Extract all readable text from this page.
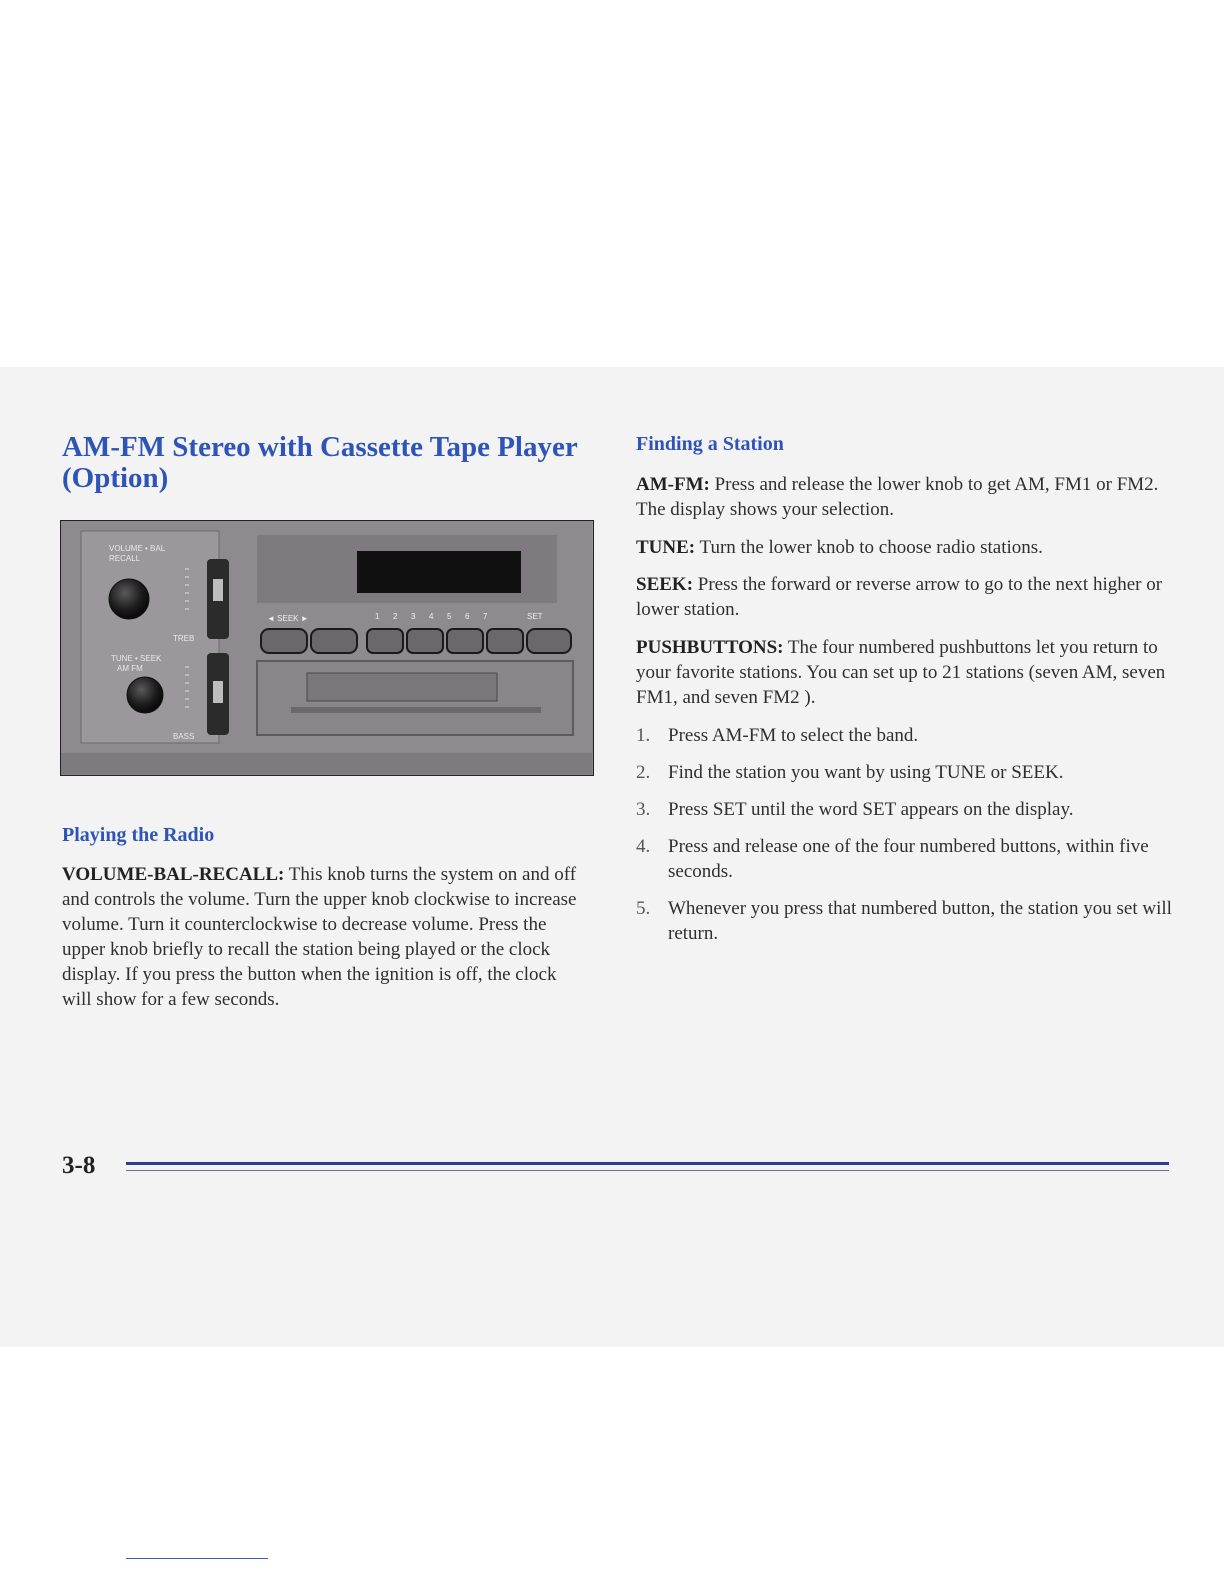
AM-FM Stereo with Cassette Tape Player (Option)
VOLUME • BAL
RECALL
TREB
TUNE • SEEK
AM FM
BASS
◄ SEEK ►	1 2 3 4 5 6 7	SET
Playing the Radio

VOLUME-BAL-RECALL: This knob turns the system on and off and controls the volume. Turn the upper knob clockwise to increase volume. Turn it counterclockwise to decrease volume. Press the upper knob briefly to recall the station being played or the clock display. If you press the button when the ignition is off, the clock will show for a few seconds.

Finding a Station

AM-FM: Press and release the lower knob to get AM, FM1 or FM2. The display shows your selection.

TUNE: Turn the lower knob to choose radio stations.

SEEK: Press the forward or reverse arrow to go to the next higher or lower station.

PUSHBUTTONS: The four numbered pushbuttons let you return to your favorite stations. You can set up to 21 stations (seven AM, seven FM1, and seven FM2 ).

1. Press AM-FM to select the band.
2. Find the station you want by using TUNE or SEEK.
3. Press SET until the word SET appears on the display.
4. Press and release one of the four numbered buttons, within five seconds.
5. Whenever you press that numbered button, the station you set will return.
3-8
